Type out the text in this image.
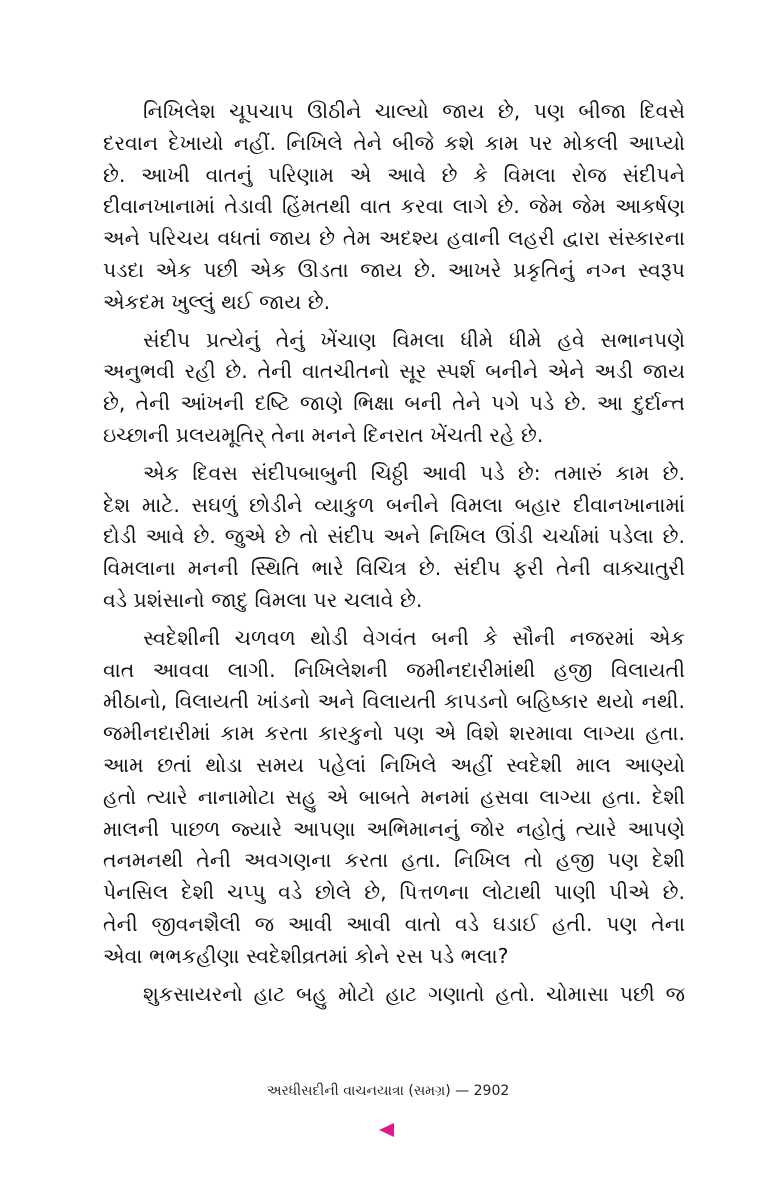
નિખિલેશ ચૂપચાપ ઊઠીને ચાલ્યો જાય છે, પણ બીજા દિવસે
દરવાન દેખાયો નહીં. નિખિલે તેને બીજે કશે કામ પર મોકલી આપ્યો
છે. આખી વાતનું પરિણામ એ આવે છે કે વિમલા રોજ સંદીપને
દીવાનખાનામાં તેડાવી હિંમતથી વાત કરવા લાગે છે. જેમ જેમ આકર્ષણ
અને પરિચય વધતાં જાય છે તેમ અદશ્ય હવાની લહરી દ્વારા સંસ્કારના
પડદા એક પછી એક ઊડતા જાય છે. આખરે પ્રકૃતિનું નગ્ન સ્વરૂપ
એકદમ ખુલ્લું થઈ જાય છે.

સંદીપ પ્રત્યેનું તેનું ખેંચાણ વિમલા ધીમે ધીમે હવે સભાનપણે
અનુભવી રહી છે. તેની વાતચીતનો સૂર સ્પર્શ બનીને એને અડી જાય
છે, તેની આંખની દષ્ટિ જાણે ભિક્ષા બની તેને પગે પડે છે. આ દુર્દાન્ત
ઇચ્છાની પ્રલયમૂતિર્ તેના મનને દિનરાત ખેંચતી રહે છે.

એક દિવસ સંદીપબાબુની ચિઠ્ઠી આવી પડે છે: તમારું કામ છે.
દેશ માટે. સઘળું છોડીને વ્યાકુળ બનીને વિમલા બહાર દીવાનખાનામાં
દોડી આવે છે. જુએ છે તો સંદીપ અને નિખિલ ઊંડી ચર્ચામાં પડેલા છે.
વિમલાના મનની સ્થિતિ ભારે વિચિત્ર છે. સંદીપ ફરી તેની વાક્ચાતુરી
વડે પ્રશંસાનો જાદુ વિમલા પર ચલાવે છે.

સ્વદેશીની ચળવળ થોડી વેગવંત બની કે સૌની નજરમાં એક
વાત આવવા લાગી. નિખિલેશની જમીનદારીમાંથી હજી વિલાયતી
મીઠાનો, વિલાયતી ખાંડનો અને વિલાયતી કાપડનો બહિષ્કાર થયો નથી.
જમીનદારીમાં કામ કરતા કારકુનો પણ એ વિશે શરમાવા લાગ્યા હતા.
આમ છતાં થોડા સમય પહેલાં નિખિલે અહીં સ્વદેશી માલ આણ્યો
હતો ત્યારે નાનામોટા સહુ એ બાબતે મનમાં હસવા લાગ્યા હતા. દેશી
માલની પાછળ જ્યારે આપણા અભિમાનનું જોર નહોતું ત્યારે આપણે
તનમનથી તેની અવગણના કરતા હતા. નિખિલ તો હજી પણ દેશી
પેનસિલ દેશી ચપ્પુ વડે છોલે છે, પિત્તળના લોટાથી પાણી પીએ છે.
તેની જીવનશૈલી જ આવી આવી વાતો વડે ઘડાઈ હતી. પણ તેના
એવા ભભકહીણા સ્વદેશીવ્રતમાં કોને રસ પડે ભલા?

શુકસાયરનો હાટ બહુ મોટો હાટ ગણાતો હતો. ચોમાસા પછી જ

અરધીસદીની વાચનયાત્રા (સમગ્ર) — 2902
